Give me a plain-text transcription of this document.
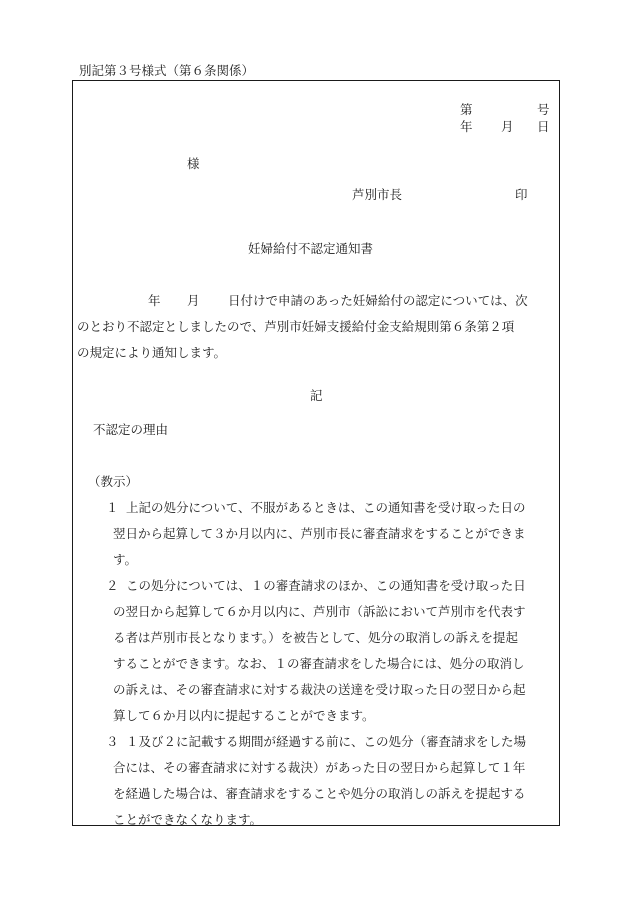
別記第３号様式（第６条関係）
第	号
年 月 日
様
芦別市長	印
妊婦給付不認定通知書
年 月 日付けで申請のあった妊婦給付の認定については、次
のとおり不認定としましたので、芦別市妊婦支援給付金支給規則第６条第２項
の規定により通知します。
記
不認定の理由
（教示）
１ 上記の処分について、不服があるときは、この通知書を受け取った日の
翌日から起算して３か月以内に、芦別市長に審査請求をすることができま
す。
２ この処分については、１の審査請求のほか、この通知書を受け取った日
の翌日から起算して６か月以内に、芦別市（訴訟において芦別市を代表す
る者は芦別市長となります。）を被告として、処分の取消しの訴えを提起
することができます。なお、１の審査請求をした場合には、処分の取消し
の訴えは、その審査請求に対する裁決の送達を受け取った日の翌日から起
算して６か月以内に提起することができます。
３ １及び２に記載する期間が経過する前に、この処分（審査請求をした場
合には、その審査請求に対する裁決）があった日の翌日から起算して１年
を経過した場合は、審査請求をすることや処分の取消しの訴えを提起する
ことができなくなります。
